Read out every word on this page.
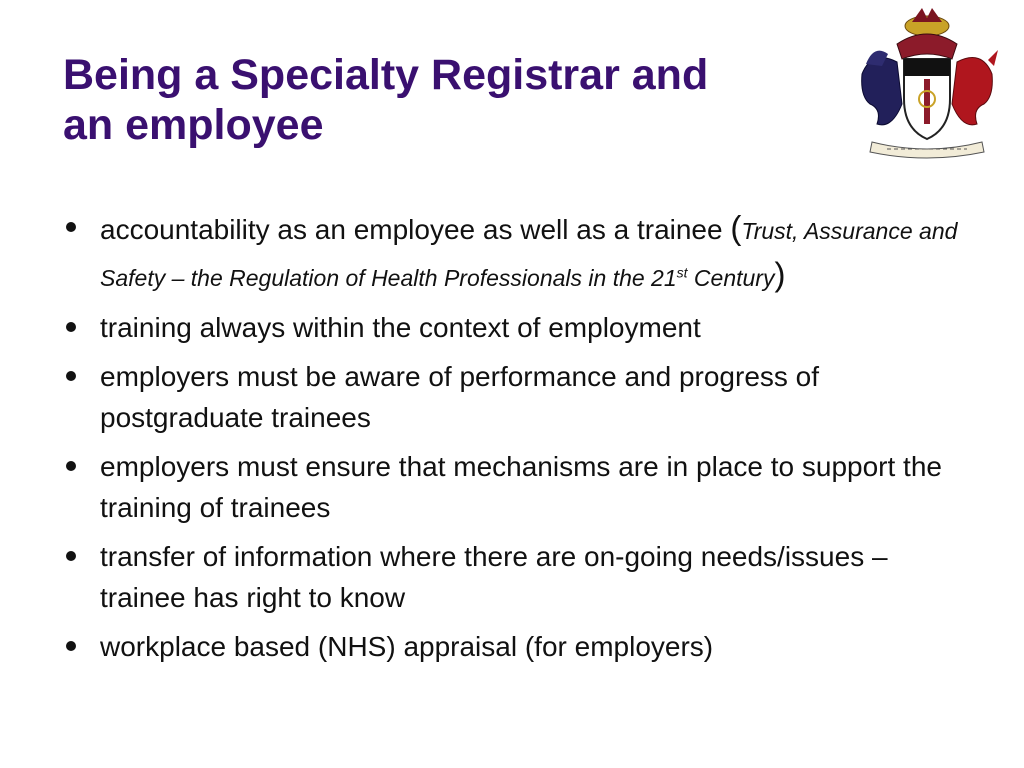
Being a Specialty Registrar and
an employee
accountability as an employee as well as a trainee (Trust, Assurance and Safety – the Regulation of Health Professionals in the 21st Century)
training always within the context of employment
employers must be aware of performance and progress of postgraduate trainees
employers must ensure that mechanisms are in place to support the training of trainees
transfer of information where there are on-going needs/issues – trainee has right to know
workplace based (NHS) appraisal (for employers)
